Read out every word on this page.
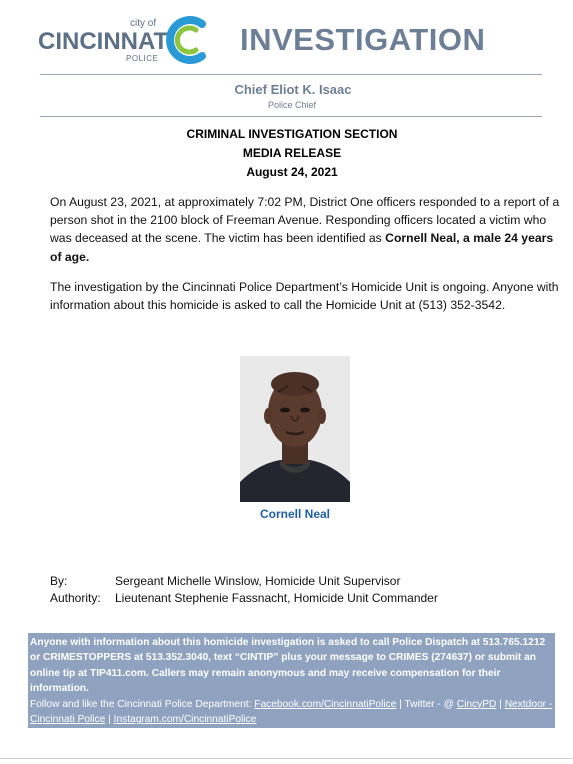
city of
CINCINNATI
POLICE
INVESTIGATION
Chief Eliot K. Isaac
Police Chief
CRIMINAL INVESTIGATION SECTION
MEDIA RELEASE
August 24, 2021

On August 23, 2021, at approximately 7:02 PM, District One officers responded to a report of a person shot in the 2100 block of Freeman Avenue. Responding officers located a victim who was deceased at the scene. The victim has been identified as Cornell Neal, a male 24 years of age.

The investigation by the Cincinnati Police Department’s Homicide Unit is ongoing. Anyone with information about this homicide is asked to call the Homicide Unit at (513) 352-3542.

Cornell Neal
By:	Sergeant Michelle Winslow, Homicide Unit Supervisor
Authority: Lieutenant Stephenie Fassnacht, Homicide Unit Commander
Anyone with information about this homicide investigation is asked to call Police Dispatch at 513.765.1212 or CRIMESTOPPERS at 513.352.3040, text “CINTIP” plus your message to CRIMES (274637) or submit an online tip at TIP411.com. Callers may remain anonymous and may receive compensation for their information.
Follow and like the Cincinnati Police Department: Facebook.com/CincinnatiPolice | Twitter - @ CincyPD | Nextdoor - Cincinnati Police | Instagram.com/CincinnatiPolice
